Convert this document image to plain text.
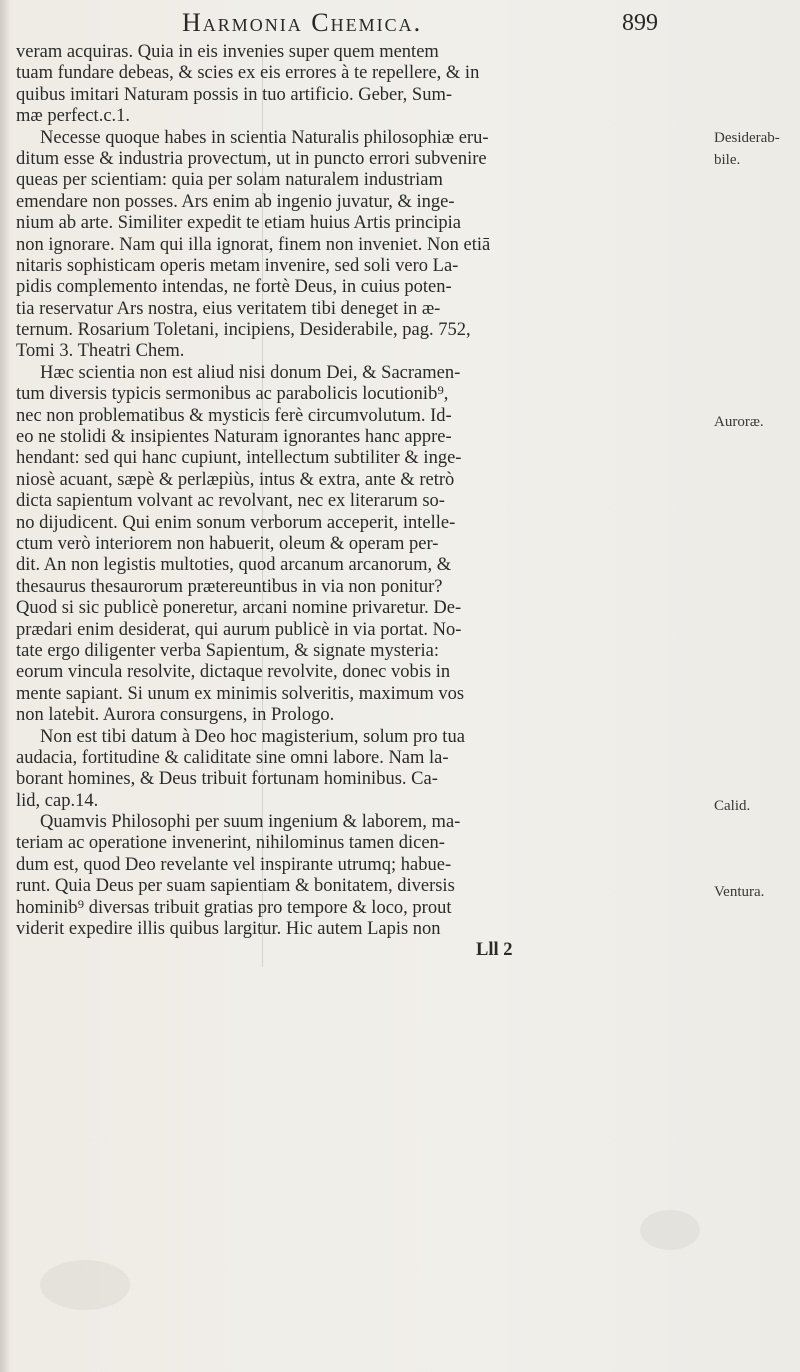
Harmonia Chemica.	899
veram acquiras. Quia in eis invenies super quem mentem
tuam fundare debeas, & scies ex eis errores à te repellere, & in
quibus imitari Naturam possis in tuo artificio. Geber, Sum-
mæ perfect.c.1.
Necesse quoque habes in scientia Naturalis philosophiæ eru-
ditum esse & industria provectum, ut in puncto errori subvenire
queas per scientiam: quia per solam naturalem industriam
emendare non posses. Ars enim ab ingenio juvatur, & inge-
nium ab arte. Similiter expedit te etiam huius Artis principia
non ignorare. Nam qui illa ignorat, finem non inveniet. Non etiā
nitaris sophisticam operis metam invenire, sed soli vero La-
pidis complemento intendas, ne fortè Deus, in cuius poten-
tia reservatur Ars nostra, eius veritatem tibi deneget in æ-
ternum. Rosarium Toletani, incipiens, Desiderabile, pag. 752,
Tomi 3. Theatri Chem.
Hæc scientia non est aliud nisi donum Dei, & Sacramen-
tum diversis typicis sermonibus ac parabolicis locutionib⁹,
nec non problematibus & mysticis ferè circumvolutum. Id-
eo ne stolidi & insipientes Naturam ignorantes hanc appre-
hendant: sed qui hanc cupiunt, intellectum subtiliter & inge-
niosè acuant, sæpè & perlæpiùs, intus & extra, ante & retrò
dicta sapientum volvant ac revolvant, nec ex literarum so-
no dijudicent. Qui enim sonum verborum acceperit, intelle-
ctum verò interiorem non habuerit, oleum & operam per-
dit. An non legistis multoties, quod arcanum arcanorum, &
thesaurus thesaurorum prætereuntibus in via non ponitur?
Quod si sic publicè poneretur, arcani nomine privaretur. De-
prædari enim desiderat, qui aurum publicè in via portat. No-
tate ergo diligenter verba Sapientum, & signate mysteria:
eorum vincula resolvite, dictaque revolvite, donec vobis in
mente sapiant. Si unum ex minimis solveritis, maximum vos
non latebit. Aurora consurgens, in Prologo.
Non est tibi datum à Deo hoc magisterium, solum pro tua
audacia, fortitudine & caliditate sine omni labore. Nam la-
borant homines, & Deus tribuit fortunam hominibus. Ca-
lid, cap.14.
Quamvis Philosophi per suum ingenium & laborem, ma-
teriam ac operatione invenerint, nihilominus tamen dicen-
dum est, quod Deo revelante vel inspirante utrumq; habue-
runt. Quia Deus per suam sapientiam & bonitatem, diversis
hominib⁹ diversas tribuit gratias pro tempore & loco, prout
viderit expedire illis quibus largitur. Hic autem Lapis non
Lll 2
Desiderab-
bile.
Auroræ.
Calid.
Ventura.
